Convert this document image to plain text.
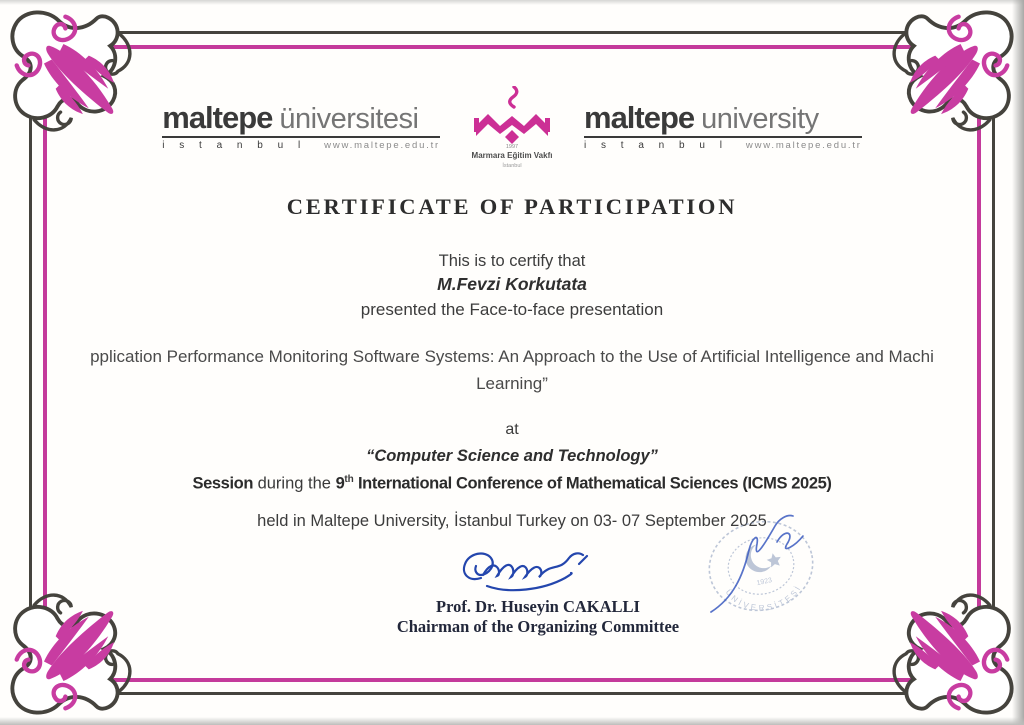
maltepe üniversitesi
i s t a n b u l www.maltepe.edu.tr	1997
Marmara Eğitim Vakfı
İstanbul
maltepe university
i s t a n b u l www.maltepe.edu.tr
CERTIFICATE OF PARTICIPATION
This is to certify that
M.Fevzi Korkutata
presented the Face-to-face presentation
pplication Performance Monitoring Software Systems: An Approach to the Use of Artificial Intelligence and Machi
Learning”
at
“Computer Science and Technology”
Session during the 9th International Conference of Mathematical Sciences (ICMS 2025)
held in Maltepe University, İstanbul Turkey on 03- 07 September 2025
Prof. Dr. Huseyin CAKALLI
Chairman of the Organizing Committee
ÜNİVERSİTESİ
1923
